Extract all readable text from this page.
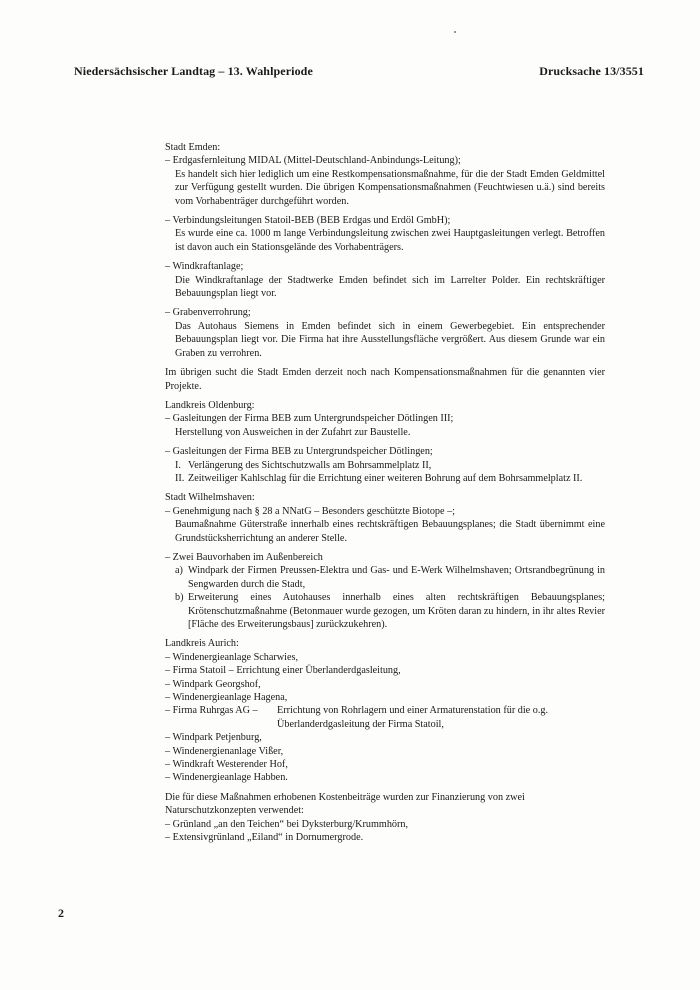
Niedersächsischer Landtag – 13. Wahlperiode	Drucksache 13/3551

Stadt Emden:

– Erdgasfernleitung MIDAL (Mittel-Deutschland-Anbindungs-Leitung);

Es handelt sich hier lediglich um eine Restkompensationsmaßnahme, für die der Stadt Emden Geldmittel zur Verfügung gestellt wurden. Die übrigen Kompensationsmaßnahmen (Feuchtwiesen u.ä.) sind bereits vom Vorhabenträger durchgeführt worden.

– Verbindungsleitungen Statoil-BEB (BEB Erdgas und Erdöl GmbH);

Es wurde eine ca. 1000 m lange Verbindungsleitung zwischen zwei Hauptgasleitungen verlegt. Betroffen ist davon auch ein Stationsgelände des Vorhabenträgers.

– Windkraftanlage;

Die Windkraftanlage der Stadtwerke Emden befindet sich im Larrelter Polder. Ein rechtskräftiger Bebauungsplan liegt vor.

– Grabenverrohrung;

Das Autohaus Siemens in Emden befindet sich in einem Gewerbegebiet. Ein entsprechender Bebauungsplan liegt vor. Die Firma hat ihre Ausstellungsfläche vergrößert. Aus diesem Grunde war ein Graben zu verrohren.

Im übrigen sucht die Stadt Emden derzeit noch nach Kompensationsmaßnahmen für die genannten vier Projekte.

Landkreis Oldenburg:

– Gasleitungen der Firma BEB zum Untergrundspeicher Dötlingen III;

Herstellung von Ausweichen in der Zufahrt zur Baustelle.

– Gasleitungen der Firma BEB zu Untergrundspeicher Dötlingen;

I. Verlängerung des Sichtschutzwalls am Bohrsammelplatz II,
II. Zeitweiliger Kahlschlag für die Errichtung einer weiteren Bohrung auf dem Bohrsammelplatz II.

Stadt Wilhelmshaven:

– Genehmigung nach § 28 a NNatG – Besonders geschützte Biotope –;

Baumaßnahme Güterstraße innerhalb eines rechtskräftigen Bebauungsplanes; die Stadt übernimmt eine Grundstücksherrichtung an anderer Stelle.

– Zwei Bauvorhaben im Außenbereich

a) Windpark der Firmen Preussen-Elektra und Gas- und E-Werk Wilhelmshaven; Ortsrandbegrünung in Sengwarden durch die Stadt,
b) Erweiterung eines Autohauses innerhalb eines alten rechtskräftigen Bebauungsplanes; Krötenschutzmaßnahme (Betonmauer wurde gezogen, um Kröten daran zu hindern, in ihr altes Revier [Fläche des Erweiterungsbaus] zurückzukehren).

Landkreis Aurich:

– Windenergieanlage Scharwies,

– Firma Statoil – Errichtung einer Überlanderdgasleitung,

– Windpark Georgshof,

– Windenergieanlage Hagena,

– Firma Ruhrgas AG –	Errichtung von Rohrlagern und einer Armaturenstation für die o.g. Überlanderdgasleitung der Firma Statoil,

– Windpark Petjenburg,

– Windenergienanlage Vißer,

– Windkraft Westerender Hof,

– Windenergieanlage Habben.

Die für diese Maßnahmen erhobenen Kostenbeiträge wurden zur Finanzierung von zwei Naturschutzkonzepten verwendet:

– Grünland „an den Teichen“ bei Dyksterburg/Krummhörn,

– Extensivgrünland „Eiland“ in Dornumergrode.

2
